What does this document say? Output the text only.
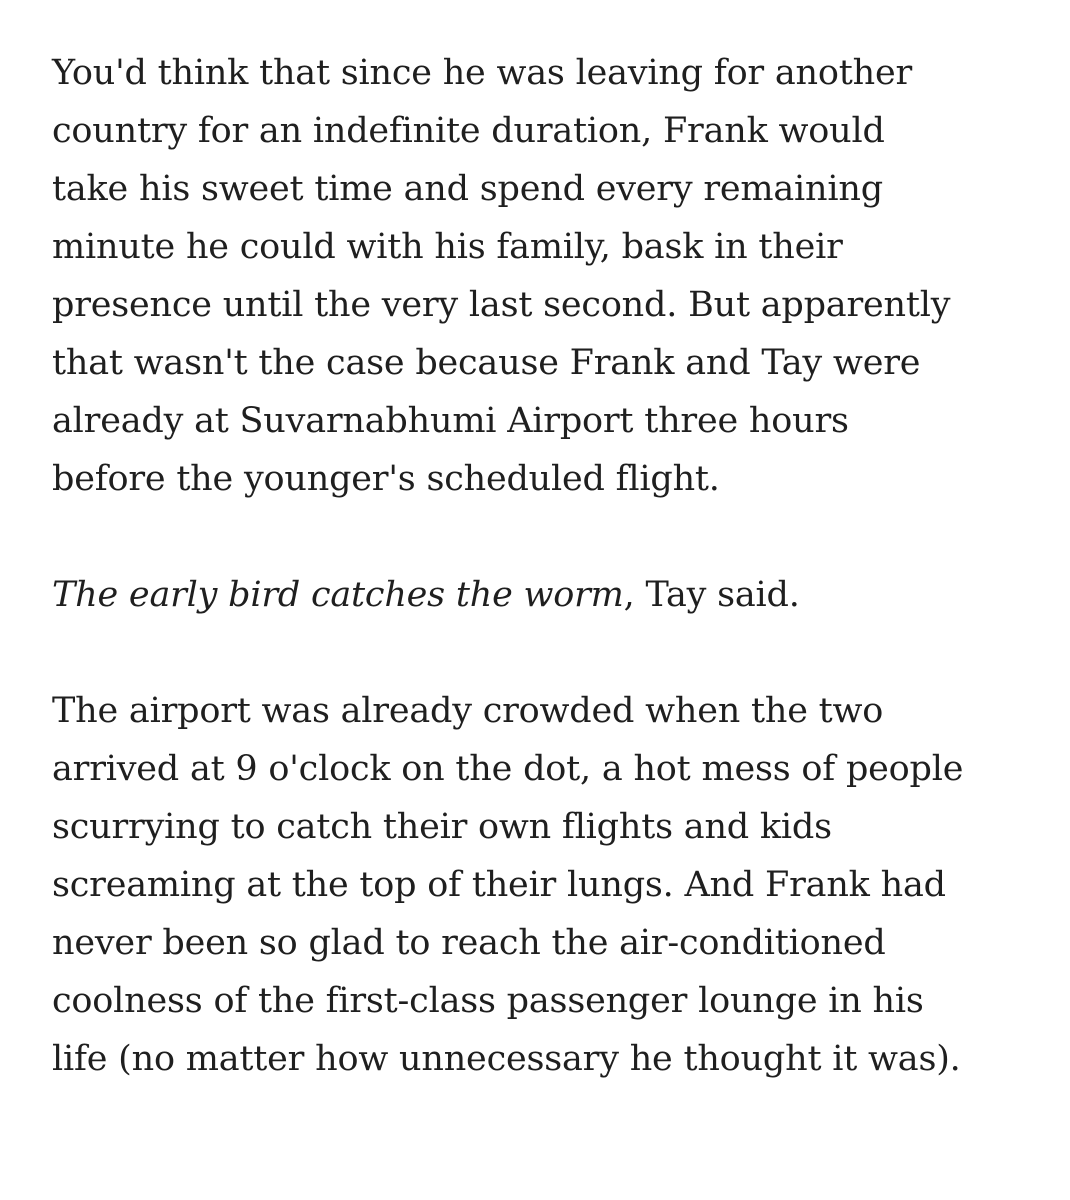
You'd think that since he was leaving for another
country for an indefinite duration, Frank would
take his sweet time and spend every remaining
minute he could with his family, bask in their
presence until the very last second. But apparently
that wasn't the case because Frank and Tay were
already at Suvarnabhumi Airport three hours
before the younger's scheduled flight.

The early bird catches the worm, Tay said.

The airport was already crowded when the two
arrived at 9 o'clock on the dot, a hot mess of people
scurrying to catch their own flights and kids
screaming at the top of their lungs. And Frank had
never been so glad to reach the air-conditioned
coolness of the first-class passenger lounge in his
life (no matter how unnecessary he thought it was).
